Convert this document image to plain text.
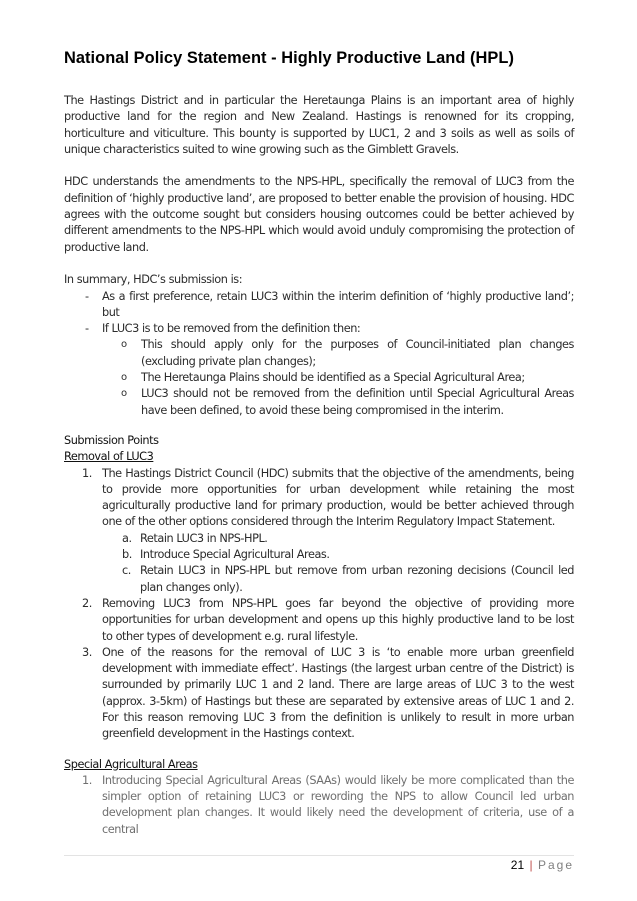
National Policy Statement - Highly Productive Land (HPL)

The Hastings District and in particular the Heretaunga Plains is an important area of highly productive land for the region and New Zealand. Hastings is renowned for its cropping, horticulture and viticulture. This bounty is supported by LUC1, 2 and 3 soils as well as soils of unique characteristics suited to wine growing such as the Gimblett Gravels.

HDC understands the amendments to the NPS-HPL, specifically the removal of LUC3 from the definition of ‘highly productive land’, are proposed to better enable the provision of housing. HDC agrees with the outcome sought but considers housing outcomes could be better achieved by different amendments to the NPS-HPL which would avoid unduly compromising the protection of productive land.

In summary, HDC’s submission is:

- As a first preference, retain LUC3 within the interim definition of ‘highly productive land’; but
- If LUC3 is to be removed from the definition then:
o This should apply only for the purposes of Council-initiated plan changes (excluding private plan changes);
o The Heretaunga Plains should be identified as a Special Agricultural Area;
o LUC3 should not be removed from the definition until Special Agricultural Areas have been defined, to avoid these being compromised in the interim.
Submission Points
Removal of LUC3
1. The Hastings District Council (HDC) submits that the objective of the amendments, being to provide more opportunities for urban development while retaining the most agriculturally productive land for primary production, would be better achieved through one of the other options considered through the Interim Regulatory Impact Statement.
a. Retain LUC3 in NPS-HPL.
b. Introduce Special Agricultural Areas.
c. Retain LUC3 in NPS-HPL but remove from urban rezoning decisions (Council led plan changes only).
2. Removing LUC3 from NPS-HPL goes far beyond the objective of providing more opportunities for urban development and opens up this highly productive land to be lost to other types of development e.g. rural lifestyle.
3. One of the reasons for the removal of LUC 3 is ‘to enable more urban greenfield development with immediate effect’. Hastings (the largest urban centre of the District) is surrounded by primarily LUC 1 and 2 land. There are large areas of LUC 3 to the west (approx. 3-5km) of Hastings but these are separated by extensive areas of LUC 1 and 2. For this reason removing LUC 3 from the definition is unlikely to result in more urban greenfield development in the Hastings context.
Special Agricultural Areas
1. Introducing Special Agricultural Areas (SAAs) would likely be more complicated than the simpler option of retaining LUC3 or rewording the NPS to allow Council led urban development plan changes. It would likely need the development of criteria, use of a central
21 | Page
